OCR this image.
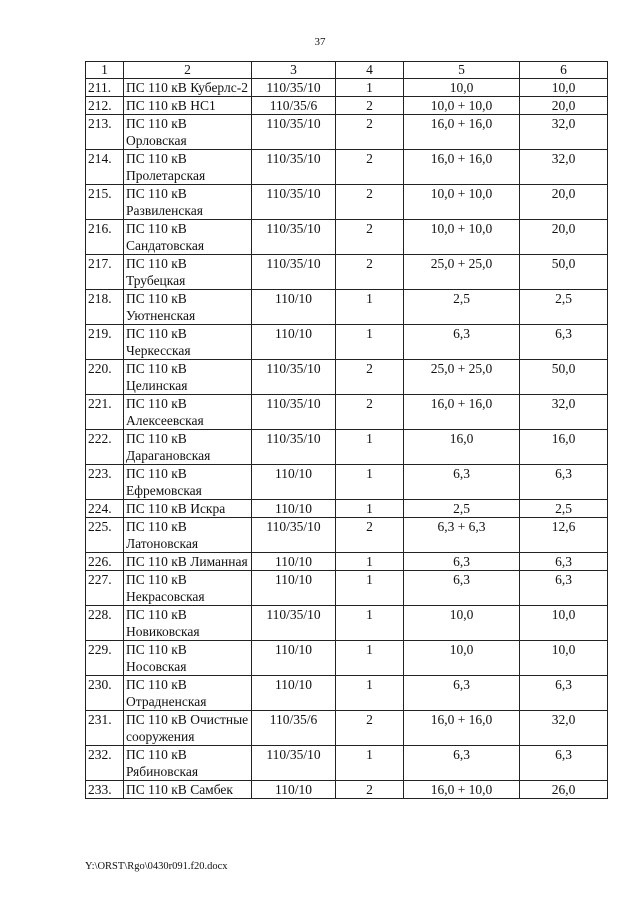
37
1	2	3	4	5	6
211.	ПС 110 кВ Куберлс-2	110/35/10	1	10,0	10,0
212.	ПС 110 кВ НС1	110/35/6	2	10,0 + 10,0	20,0
213.	ПС 110 кВ Орловская	110/35/10	2	16,0 + 16,0	32,0
214.	ПС 110 кВ Пролетарская	110/35/10	2	16,0 + 16,0	32,0
215.	ПС 110 кВ Развиленская	110/35/10	2	10,0 + 10,0	20,0
216.	ПС 110 кВ Сандатовская	110/35/10	2	10,0 + 10,0	20,0
217.	ПС 110 кВ Трубецкая	110/35/10	2	25,0 + 25,0	50,0
218.	ПС 110 кВ Уютненская	110/10	1	2,5	2,5
219.	ПС 110 кВ Черкесская	110/10	1	6,3	6,3
220.	ПС 110 кВ Целинская	110/35/10	2	25,0 + 25,0	50,0
221.	ПС 110 кВ Алексеевская	110/35/10	2	16,0 + 16,0	32,0
222.	ПС 110 кВ Дарагановская	110/35/10	1	16,0	16,0
223.	ПС 110 кВ Ефремовская	110/10	1	6,3	6,3
224.	ПС 110 кВ Искра	110/10	1	2,5	2,5
225.	ПС 110 кВ Латоновская	110/35/10	2	6,3 + 6,3	12,6
226.	ПС 110 кВ Лиманная	110/10	1	6,3	6,3
227.	ПС 110 кВ Некрасовская	110/10	1	6,3	6,3
228.	ПС 110 кВ Новиковская	110/35/10	1	10,0	10,0
229.	ПС 110 кВ Носовская	110/10	1	10,0	10,0
230.	ПС 110 кВ Отрадненская	110/10	1	6,3	6,3
231.	ПС 110 кВ Очистные сооружения	110/35/6	2	16,0 + 16,0	32,0
232.	ПС 110 кВ Рябиновская	110/35/10	1	6,3	6,3
233.	ПС 110 кВ Самбек	110/10	2	16,0 + 10,0	26,0
Y:\ORST\Rgo\0430r091.f20.docx
